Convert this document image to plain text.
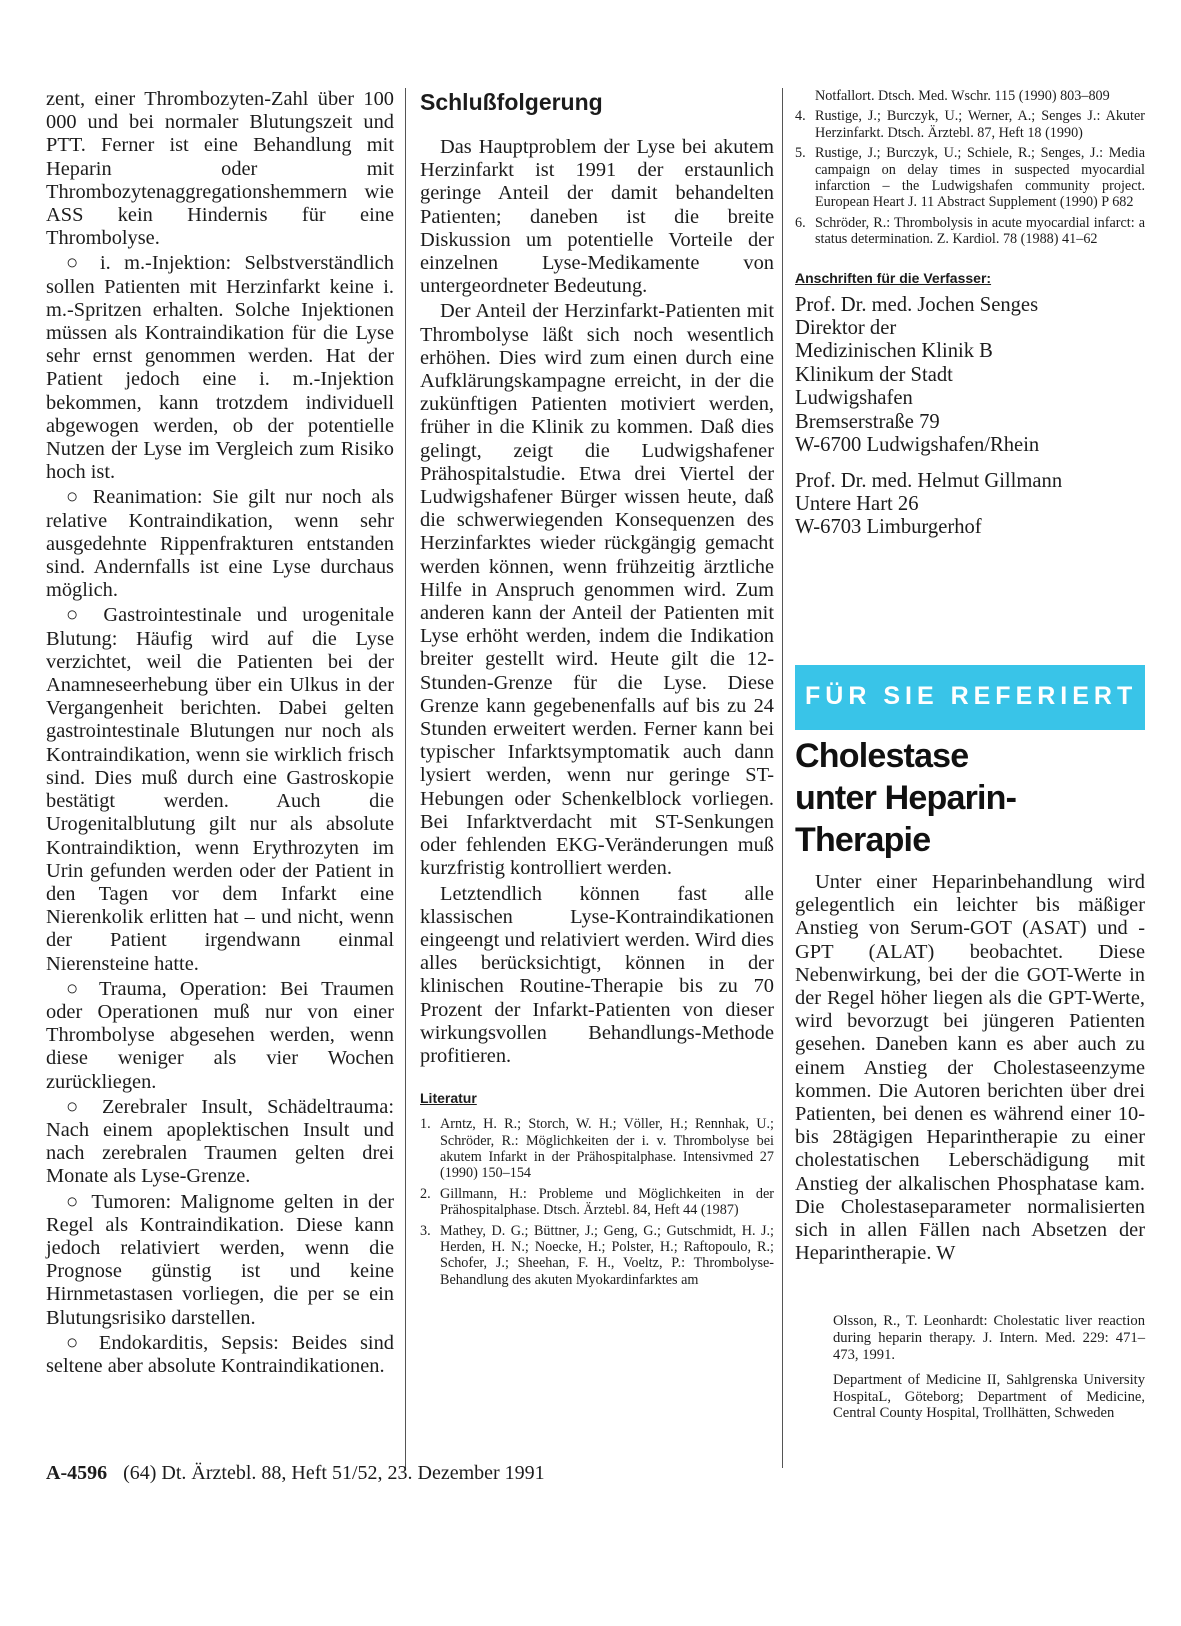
zent, einer Thrombozyten-Zahl über 100 000 und bei normaler Blutungszeit und PTT. Ferner ist eine Behandlung mit Heparin oder mit Thrombozytenaggregationshemmern wie ASS kein Hindernis für eine Thrombolyse.

○ i. m.-Injektion: Selbstverständlich sollen Patienten mit Herzinfarkt keine i. m.-Spritzen erhalten. Solche Injektionen müssen als Kontraindikation für die Lyse sehr ernst genommen werden. Hat der Patient jedoch eine i. m.-Injektion bekommen, kann trotzdem individuell abgewogen werden, ob der potentielle Nutzen der Lyse im Vergleich zum Risiko hoch ist.

○ Reanimation: Sie gilt nur noch als relative Kontraindikation, wenn sehr ausgedehnte Rippenfrakturen entstanden sind. Andernfalls ist eine Lyse durchaus möglich.

○ Gastrointestinale und urogenitale Blutung: Häufig wird auf die Lyse verzichtet, weil die Patienten bei der Anamneseerhebung über ein Ulkus in der Vergangenheit berichten. Dabei gelten gastrointestinale Blutungen nur noch als Kontraindikation, wenn sie wirklich frisch sind. Dies muß durch eine Gastroskopie bestätigt werden. Auch die Urogenitalblutung gilt nur als absolute Kontraindiktion, wenn Erythrozyten im Urin gefunden werden oder der Patient in den Tagen vor dem Infarkt eine Nierenkolik erlitten hat – und nicht, wenn der Patient irgendwann einmal Nierensteine hatte.

○ Trauma, Operation: Bei Traumen oder Operationen muß nur von einer Thrombolyse abgesehen werden, wenn diese weniger als vier Wochen zurückliegen.

○ Zerebraler Insult, Schädeltrauma: Nach einem apoplektischen Insult und nach zerebralen Traumen gelten drei Monate als Lyse-Grenze.

○ Tumoren: Malignome gelten in der Regel als Kontraindikation. Diese kann jedoch relativiert werden, wenn die Prognose günstig ist und keine Hirnmetastasen vorliegen, die per se ein Blutungsrisiko darstellen.

○ Endokarditis, Sepsis: Beides sind seltene aber absolute Kontraindikationen.

Schlußfolgerung

Das Hauptproblem der Lyse bei akutem Herzinfarkt ist 1991 der erstaunlich geringe Anteil der damit behandelten Patienten; daneben ist die breite Diskussion um potentielle Vorteile der einzelnen Lyse-Medikamente von untergeordneter Bedeutung.

Der Anteil der Herzinfarkt-Patienten mit Thrombolyse läßt sich noch wesentlich erhöhen. Dies wird zum einen durch eine Aufklärungskampagne erreicht, in der die zukünftigen Patienten motiviert werden, früher in die Klinik zu kommen. Daß dies gelingt, zeigt die Ludwigshafener Prähospitalstudie. Etwa drei Viertel der Ludwigshafener Bürger wissen heute, daß die schwerwiegenden Konsequenzen des Herzinfarktes wieder rückgängig gemacht werden können, wenn frühzeitig ärztliche Hilfe in Anspruch genommen wird. Zum anderen kann der Anteil der Patienten mit Lyse erhöht werden, indem die Indikation breiter gestellt wird. Heute gilt die 12-Stunden-Grenze für die Lyse. Diese Grenze kann gegebenenfalls auf bis zu 24 Stunden erweitert werden. Ferner kann bei typischer Infarktsymptomatik auch dann lysiert werden, wenn nur geringe ST-Hebungen oder Schenkelblock vorliegen. Bei Infarktverdacht mit ST-Senkungen oder fehlenden EKG-Veränderungen muß kurzfristig kontrolliert werden.

Letztendlich können fast alle klassischen Lyse-Kontraindikationen eingeengt und relativiert werden. Wird dies alles berücksichtigt, können in der klinischen Routine-Therapie bis zu 70 Prozent der Infarkt-Patienten von dieser wirkungsvollen Behandlungs-Methode profitieren.

Literatur
1. Arntz, H. R.; Storch, W. H.; Völler, H.; Rennhak, U.; Schröder, R.: Möglichkeiten der i. v. Thrombolyse bei akutem Infarkt in der Prähospitalphase. Intensivmed 27 (1990) 150–154
2. Gillmann, H.: Probleme und Möglichkeiten in der Prähospitalphase. Dtsch. Ärztebl. 84, Heft 44 (1987)
3. Mathey, D. G.; Büttner, J.; Geng, G.; Gutschmidt, H. J.; Herden, H. N.; Noecke, H.; Polster, H.; Raftopoulo, R.; Schofer, J.; Sheehan, F. H., Voeltz, P.: Thrombolyse-Behandlung des akuten Myokardinfarktes am
Notfallort. Dtsch. Med. Wschr. 115 (1990) 803–809
4. Rustige, J.; Burczyk, U.; Werner, A.; Senges J.: Akuter Herzinfarkt. Dtsch. Ärztebl. 87, Heft 18 (1990)
5. Rustige, J.; Burczyk, U.; Schiele, R.; Senges, J.: Media campaign on delay times in suspected myocardial infarction – the Ludwigshafen community project. European Heart J. 11 Abstract Supplement (1990) P 682
6. Schröder, R.: Thrombolysis in acute myocardial infarct: a status determination. Z. Kardiol. 78 (1988) 41–62
Anschriften für die Verfasser:
Prof. Dr. med. Jochen Senges
Direktor der
Medizinischen Klinik B
Klinikum der Stadt
Ludwigshafen
Bremserstraße 79
W-6700 Ludwigshafen/Rhein
Prof. Dr. med. Helmut Gillmann
Untere Hart 26
W-6703 Limburgerhof
FÜR SIE REFERIERT
Cholestase
unter Heparin-Therapie

Unter einer Heparinbehandlung wird gelegentlich ein leichter bis mäßiger Anstieg von Serum-GOT (ASAT) und -GPT (ALAT) beobachtet. Diese Nebenwirkung, bei der die GOT-Werte in der Regel höher liegen als die GPT-Werte, wird bevorzugt bei jüngeren Patienten gesehen. Daneben kann es aber auch zu einem Anstieg der Cholestaseenzyme kommen. Die Autoren berichten über drei Patienten, bei denen es während einer 10- bis 28tägigen Heparintherapie zu einer cholestatischen Leberschädigung mit Anstieg der alkalischen Phosphatase kam. Die Cholestaseparameter normalisierten sich in allen Fällen nach Absetzen der Heparintherapie. W

Olsson, R., T. Leonhardt: Cholestatic liver reaction during heparin therapy. J. Intern. Med. 229: 471–473, 1991.

Department of Medicine II, Sahlgrenska University HospitaL, Göteborg; Department of Medicine, Central County Hospital, Trollhätten, Schweden

A-4596 (64) Dt. Ärztebl. 88, Heft 51/52, 23. Dezember 1991
